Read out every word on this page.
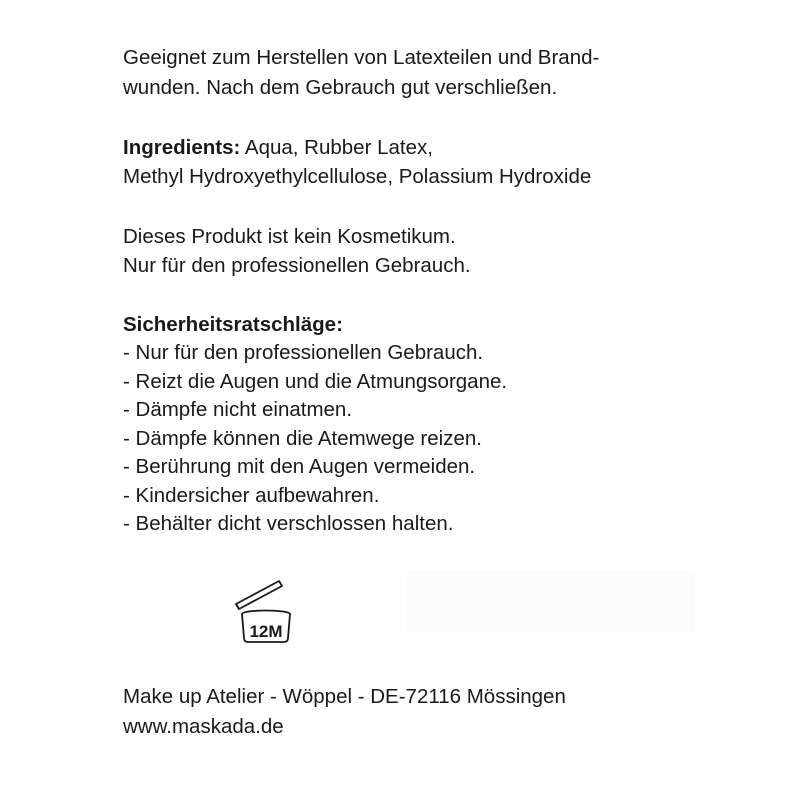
Geeignet zum Herstellen von Latexteilen und Brand-
wunden. Nach dem Gebrauch gut verschließen.
Ingredients: Aqua, Rubber Latex,
Methyl Hydroxyethylcellulose, Polassium Hydroxide
Dieses Produkt ist kein Kosmetikum.
Nur für den professionellen Gebrauch.
Sicherheitsratschläge:
- Nur für den professionellen Gebrauch.
- Reizt die Augen und die Atmungsorgane.
- Dämpfe nicht einatmen.
- Dämpfe können die Atemwege reizen.
- Berührung mit den Augen vermeiden.
- Kindersicher aufbewahren.
- Behälter dicht verschlossen halten.
12M
Make up Atelier - Wöppel - DE-72116 Mössingen
www.maskada.de
